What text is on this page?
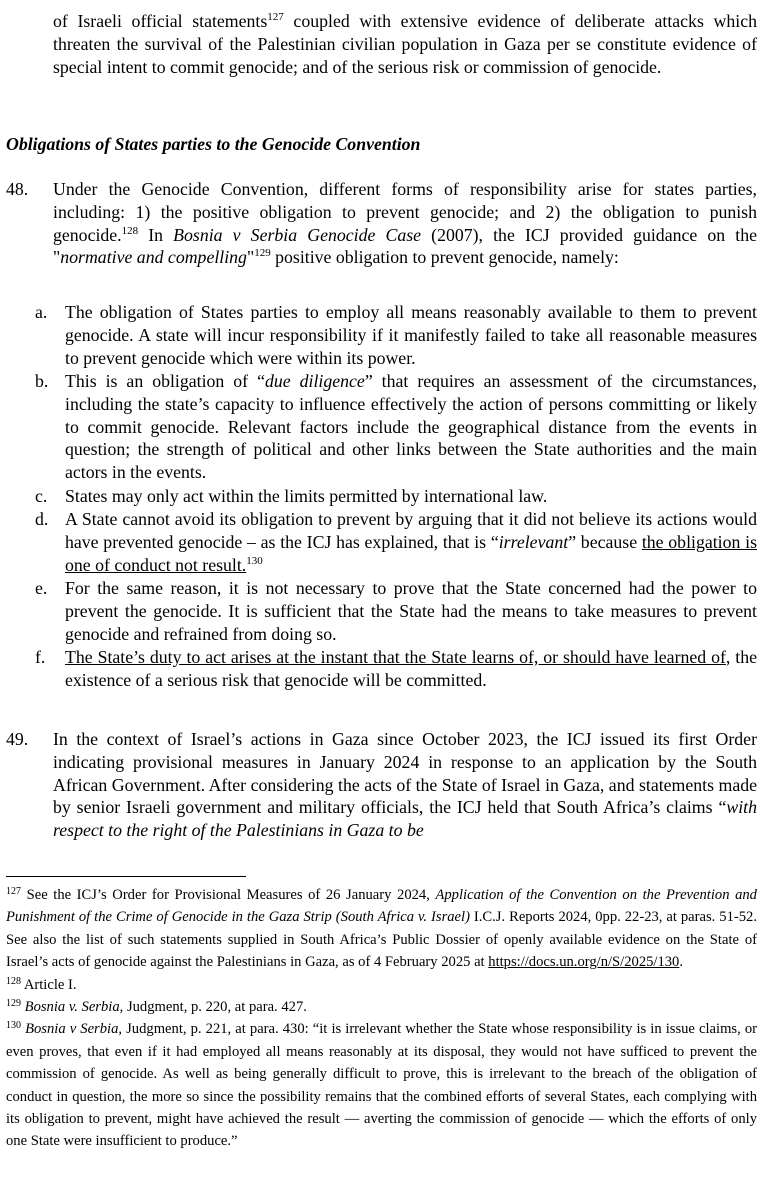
of Israeli official statements$^{127}$ coupled with extensive evidence of deliberate attacks which threaten the survival of the Palestinian civilian population in Gaza per se constitute evidence of special intent to commit genocide; and of the serious risk or commission of genocide.
Obligations of States parties to the Genocide Convention
48. Under the Genocide Convention, different forms of responsibility arise for states parties, including: 1) the positive obligation to prevent genocide; and 2) the obligation to punish genocide.$^{128}$ In Bosnia v Serbia Genocide Case (2007), the ICJ provided guidance on the "normative and compelling"$^{129}$ positive obligation to prevent genocide, namely:
a. The obligation of States parties to employ all means reasonably available to them to prevent genocide. A state will incur responsibility if it manifestly failed to take all reasonable measures to prevent genocide which were within its power.
b. This is an obligation of “due diligence” that requires an assessment of the circumstances, including the state’s capacity to influence effectively the action of persons committing or likely to commit genocide. Relevant factors include the geographical distance from the events in question; the strength of political and other links between the State authorities and the main actors in the events.
c. States may only act within the limits permitted by international law.
d. A State cannot avoid its obligation to prevent by arguing that it did not believe its actions would have prevented genocide – as the ICJ has explained, that is “irrelevant” because the obligation is one of conduct not result.$^{130}$
e. For the same reason, it is not necessary to prove that the State concerned had the power to prevent the genocide. It is sufficient that the State had the means to take measures to prevent genocide and refrained from doing so.
f. The State’s duty to act arises at the instant that the State learns of, or should have learned of, the existence of a serious risk that genocide will be committed.
49. In the context of Israel’s actions in Gaza since October 2023, the ICJ issued its first Order indicating provisional measures in January 2024 in response to an application by the South African Government. After considering the acts of the State of Israel in Gaza, and statements made by senior Israeli government and military officials, the ICJ held that South Africa’s claims “with respect to the right of the Palestinians in Gaza to be
$^{127}$ See the ICJ’s Order for Provisional Measures of 26 January 2024, Application of the Convention on the Prevention and Punishment of the Crime of Genocide in the Gaza Strip (South Africa v. Israel) I.C.J. Reports 2024, 0pp. 22-23, at paras. 51-52. See also the list of such statements supplied in South Africa’s Public Dossier of openly available evidence on the State of Israel’s acts of genocide against the Palestinians in Gaza, as of 4 February 2025 at https://docs.un.org/n/S/2025/130.
$^{128}$ Article I.
$^{129}$ Bosnia v. Serbia, Judgment, p. 220, at para. 427.
$^{130}$ Bosnia v Serbia, Judgment, p. 221, at para. 430: “it is irrelevant whether the State whose responsibility is in issue claims, or even proves, that even if it had employed all means reasonably at its disposal, they would not have sufficed to prevent the commission of genocide. As well as being generally difficult to prove, this is irrelevant to the breach of the obligation of conduct in question, the more so since the possibility remains that the combined efforts of several States, each complying with its obligation to prevent, might have achieved the result — averting the commission of genocide — which the efforts of only one State were insufficient to produce.”
